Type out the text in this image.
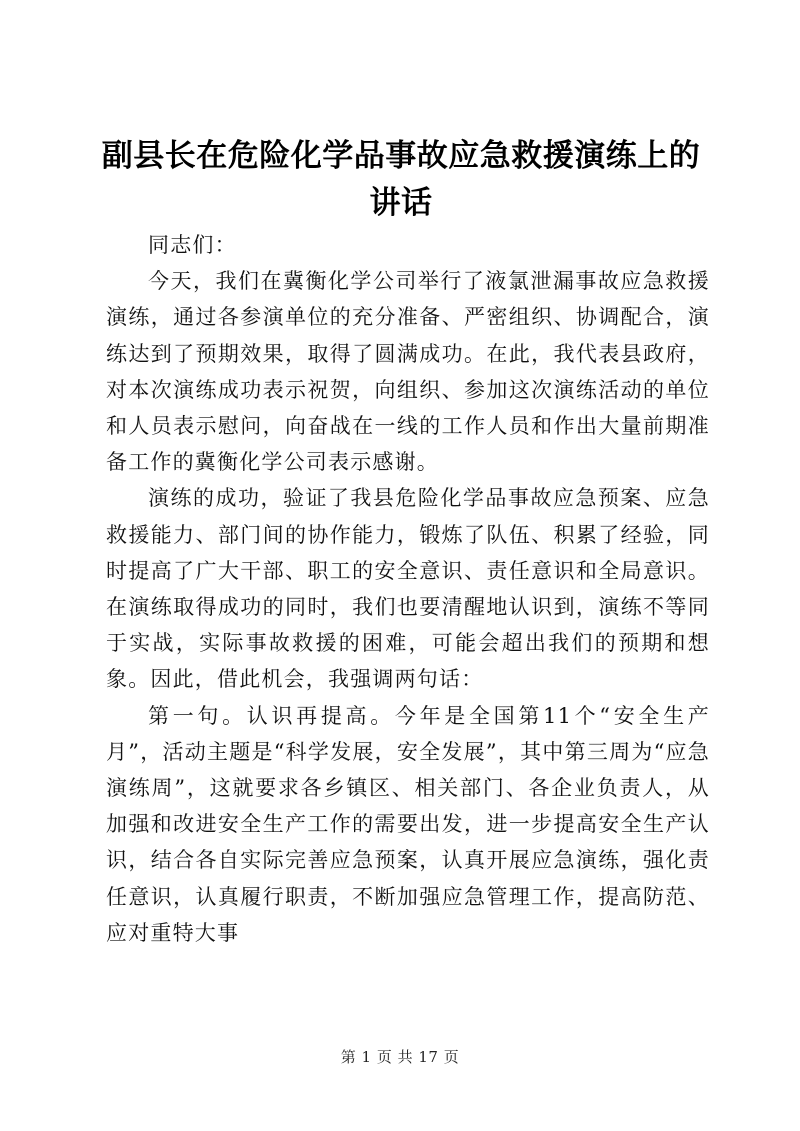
副县长在危险化学品事故应急救援演练上的讲话

同志们：

今天，我们在冀衡化学公司举行了液氯泄漏事故应急救援演练，通过各参演单位的充分准备、严密组织、协调配合，演练达到了预期效果，取得了圆满成功。在此，我代表县政府，对本次演练成功表示祝贺，向组织、参加这次演练活动的单位和人员表示慰问，向奋战在一线的工作人员和作出大量前期准备工作的冀衡化学公司表示感谢。

演练的成功，验证了我县危险化学品事故应急预案、应急救援能力、部门间的协作能力，锻炼了队伍、积累了经验，同时提高了广大干部、职工的安全意识、责任意识和全局意识。在演练取得成功的同时，我们也要清醒地认识到，演练不等同于实战，实际事故救援的困难，可能会超出我们的预期和想象。因此，借此机会，我强调两句话：

第一句。认识再提高。今年是全国第11个“安全生产月”，活动主题是“科学发展，安全发展”，其中第三周为“应急演练周”，这就要求各乡镇区、相关部门、各企业负责人，从加强和改进安全生产工作的需要出发，进一步提高安全生产认识，结合各自实际完善应急预案，认真开展应急演练，强化责任意识，认真履行职责，不断加强应急管理工作，提高防范、应对重特大事

第 1 页 共 17 页
